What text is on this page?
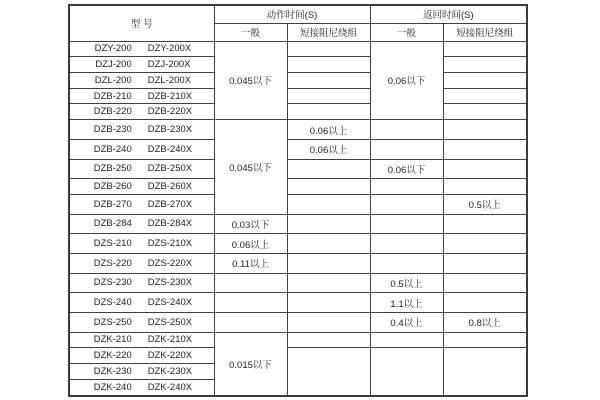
型 号	动作时间(S)		返回时间(S)	
	一般	短接阻尼绕组	一般	短接阻尼绕组

DZY-200 DZY-200X	0.045以下		0.06以下	

DZJ-200 DZJ-200X				

DZL-200 DZL-200X				

DZB-210 DZB-210X				

DZB-220 DZB-220X				

DZB-230 DZB-230X	0.045以下	0.06以上		

DZB-240 DZB-240X		0.06以上		

DZB-250 DZB-250X			0.06以下	

DZB-260 DZB-260X				

DZB-270 DZB-270X				0.5以上

DZB-284 DZB-284X	0.03以下			

DZS-210 DZS-210X	0.06以上			

DZS-220 DZS-220X	0.11以上			

DZS-230 DZS-230X			0.5以上	

DZS-240 DZS-240X			1.1以上	

DZS-250 DZS-250X			0.4以上	0.8以上

DZK-210 DZK-210X	0.015以下			

DZK-220 DZK-220X				

DZK-230 DZK-230X				

DZK-240 DZK-240X				
